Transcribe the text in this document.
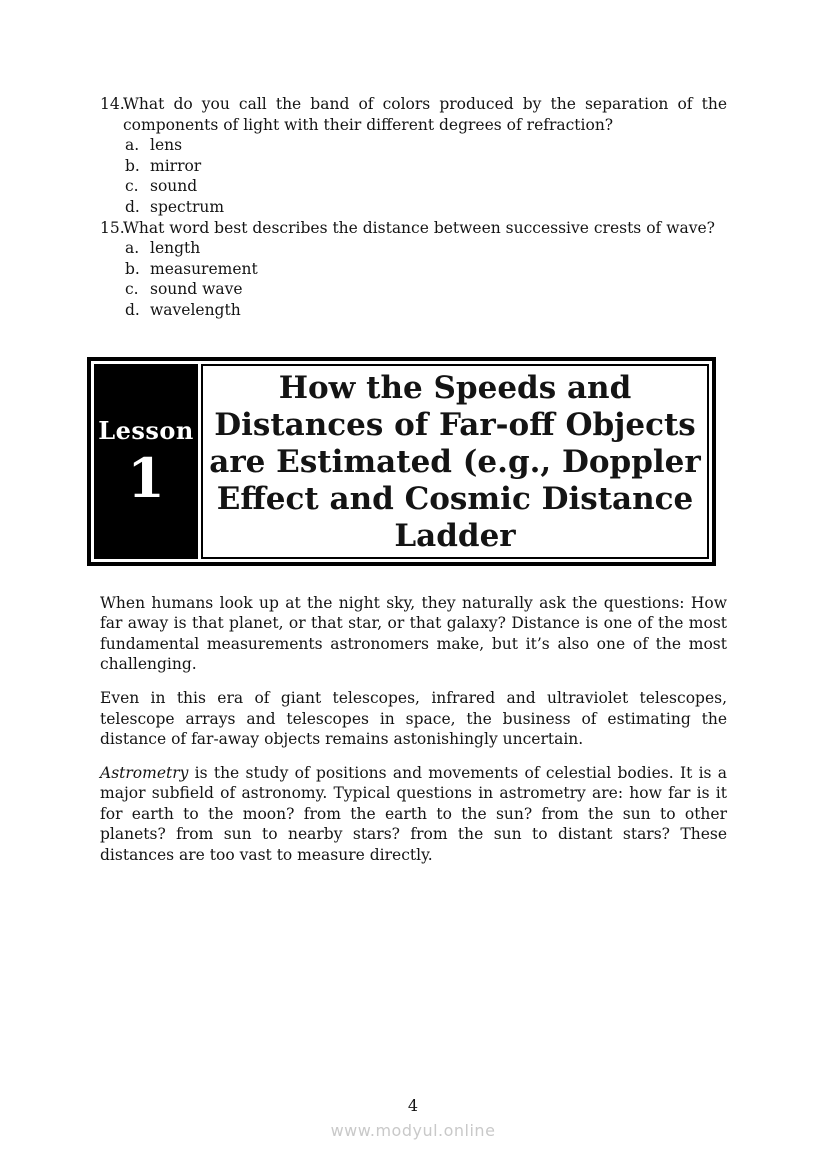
14.
What do you call the band of colors produced by the separation of the components of light with their different degrees of refraction?
a. lens
b. mirror
c. sound
d. spectrum
15.
What word best describes the distance between successive crests of wave?
a. length
b. measurement
c. sound wave
d. wavelength
Lesson
1
How the Speeds and
Distances of Far-off Objects
are Estimated (e.g., Doppler
Effect and Cosmic Distance
Ladder

When humans look up at the night sky, they naturally ask the questions: How far away is that planet, or that star, or that galaxy? Distance is one of the most fundamental measurements astronomers make, but it’s also one of the most challenging.

Even in this era of giant telescopes, infrared and ultraviolet telescopes, telescope arrays and telescopes in space, the business of estimating the distance of far-away objects remains astonishingly uncertain.

Astrometry is the study of positions and movements of celestial bodies. It is a major subfield of astronomy. Typical questions in astrometry are: how far is it for earth to the moon? from the earth to the sun? from the sun to other planets? from sun to nearby stars? from the sun to distant stars? These distances are too vast to measure directly.

4
www.modyul.online
